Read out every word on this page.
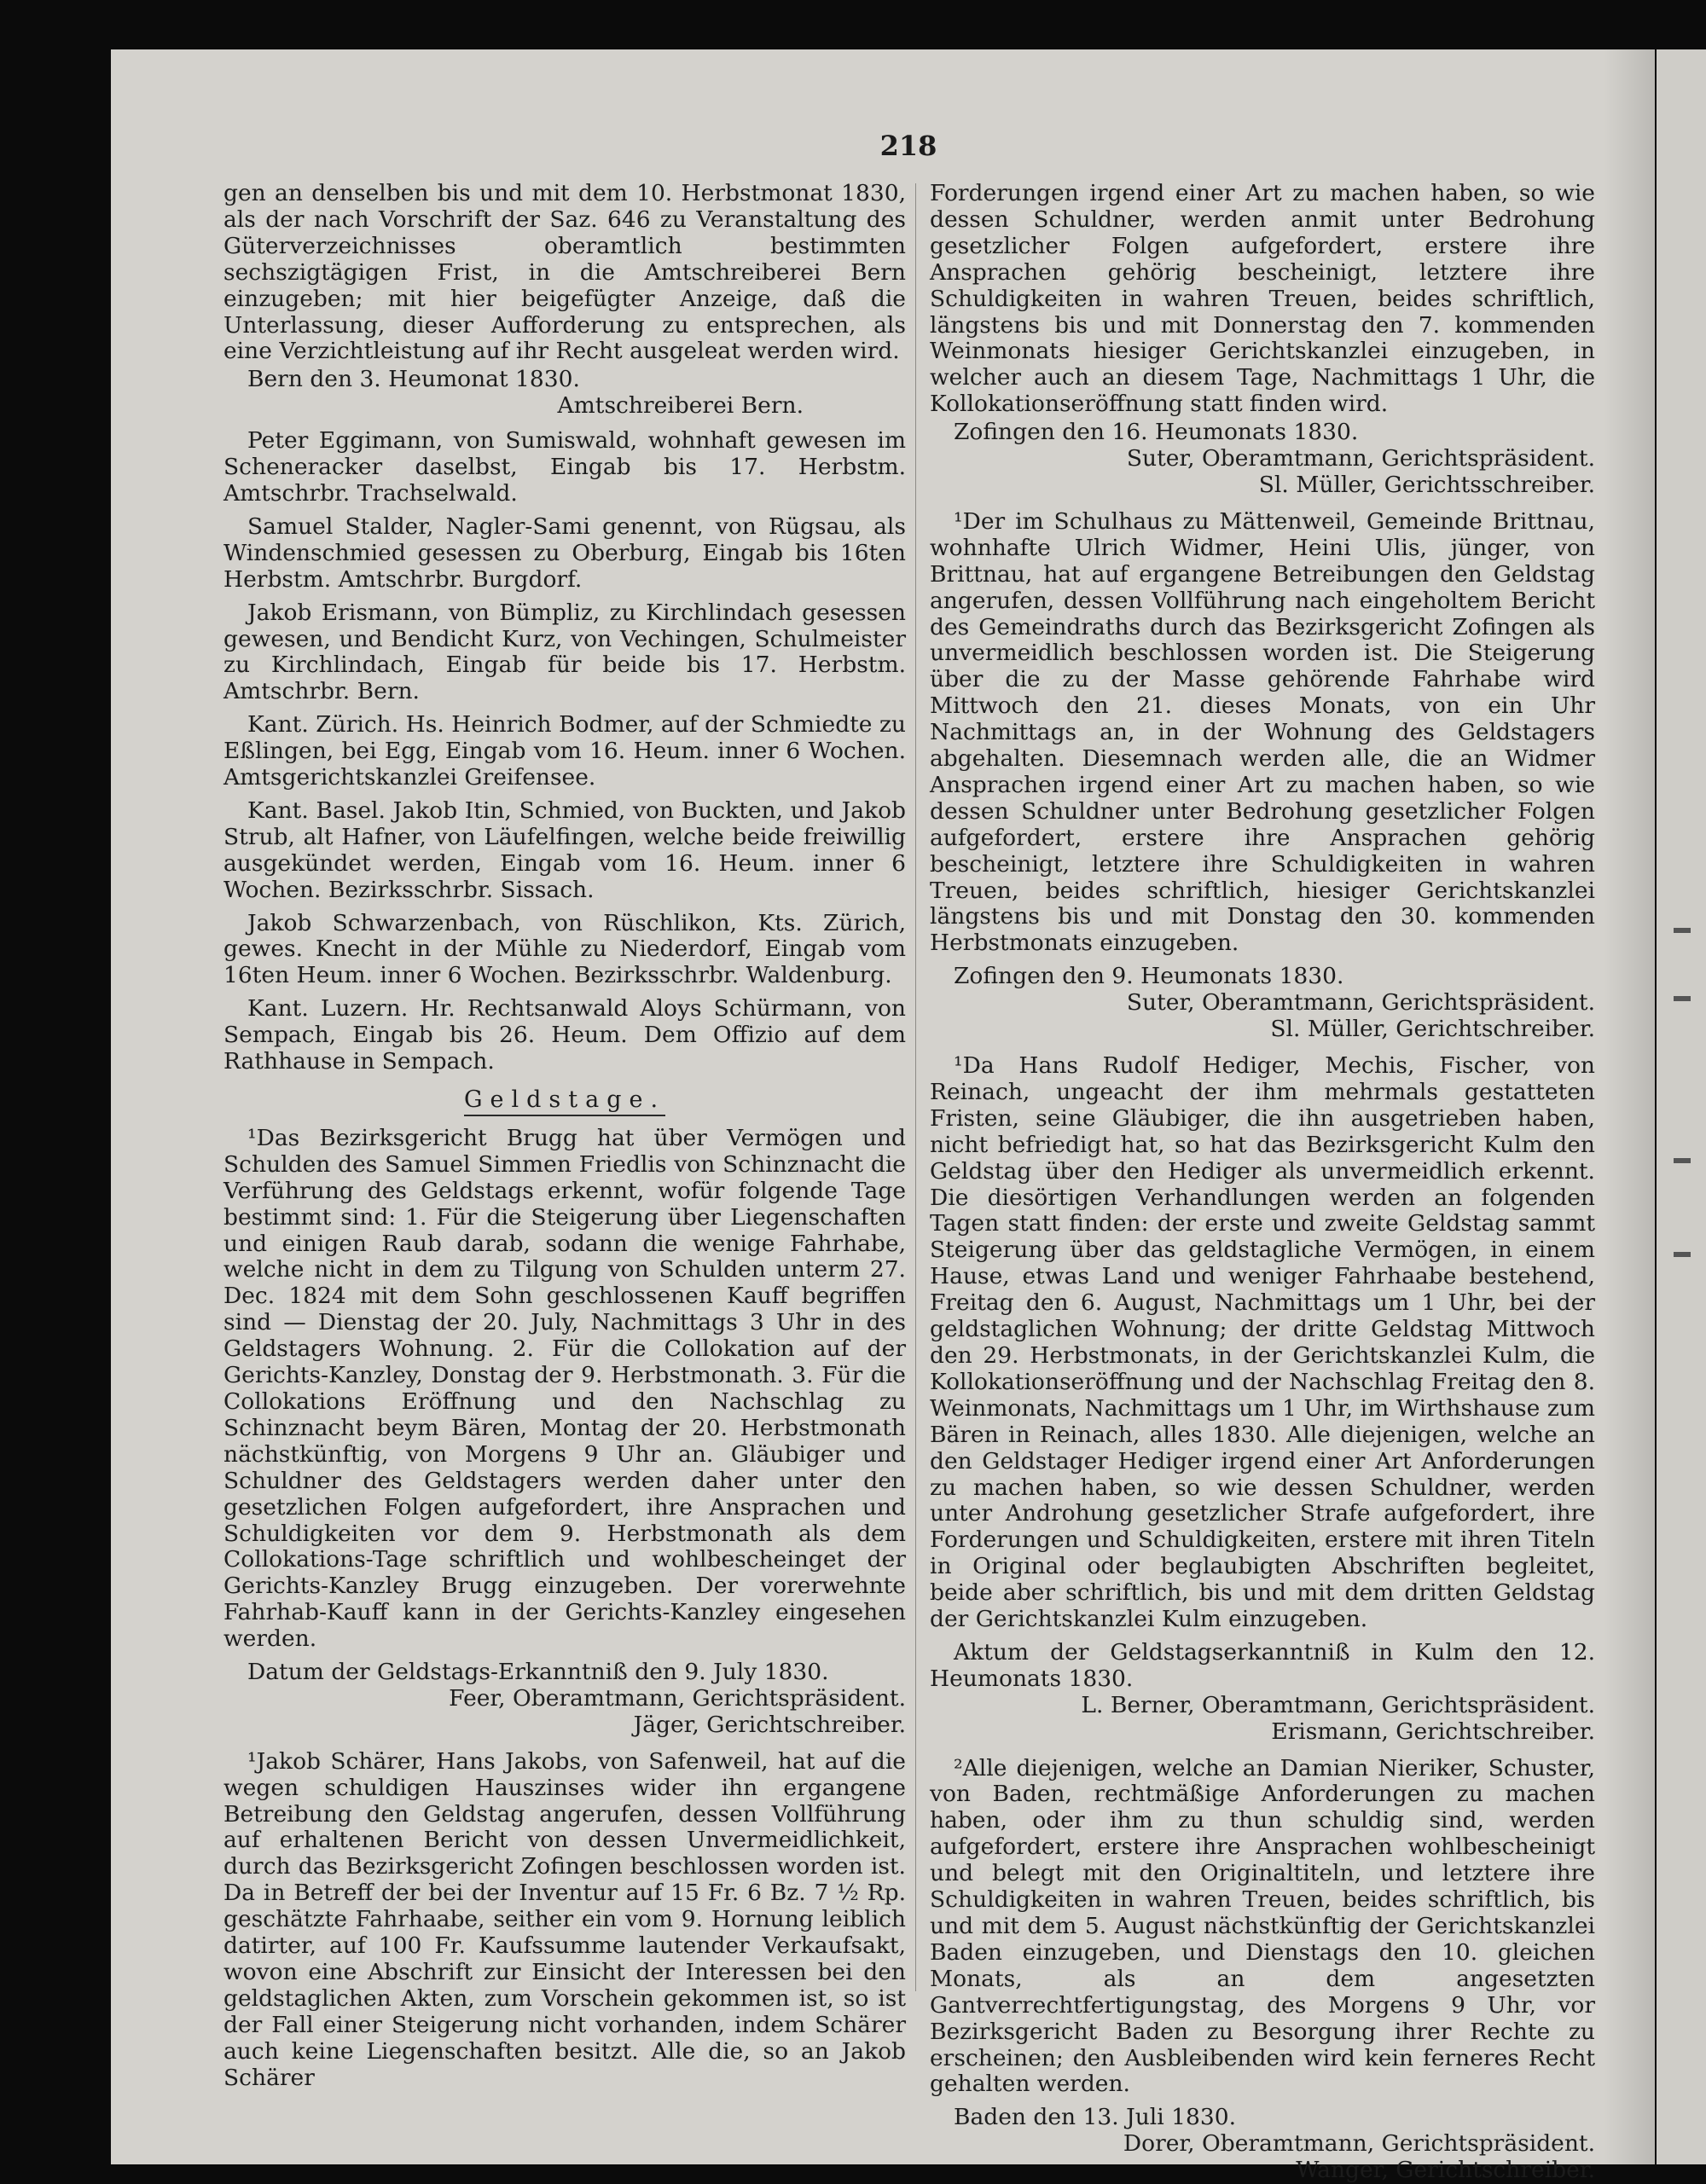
218

gen an denselben bis und mit dem 10. Herbstmonat 1830, als der nach Vorschrift der Saz. 646 zu Veranstaltung des Güterverzeichnisses oberamtlich bestimmten sechszigtägigen Frist, in die Amtschreiberei Bern einzugeben; mit hier beigefügter Anzeige, daß die Unterlassung, dieser Aufforderung zu entsprechen, als eine Verzichtleistung auf ihr Recht ausgeleat werden wird.

Bern den 3. Heumonat 1830.

Amtschreiberei Bern.

Peter Eggimann, von Sumiswald, wohnhaft gewesen im Scheneracker daselbst, Eingab bis 17. Herbstm. Amtschrbr. Trachselwald.

Samuel Stalder, Nagler-Sami genennt, von Rügsau, als Windenschmied gesessen zu Oberburg, Eingab bis 16ten Herbstm. Amtschrbr. Burgdorf.

Jakob Erismann, von Bümpliz, zu Kirchlindach gesessen gewesen, und Bendicht Kurz, von Vechingen, Schulmeister zu Kirchlindach, Eingab für beide bis 17. Herbstm. Amtschrbr. Bern.

Kant. Zürich. Hs. Heinrich Bodmer, auf der Schmiedte zu Eßlingen, bei Egg, Eingab vom 16. Heum. inner 6 Wochen. Amtsgerichtskanzlei Greifensee.

Kant. Basel. Jakob Itin, Schmied, von Buckten, und Jakob Strub, alt Hafner, von Läufelfingen, welche beide freiwillig ausgekündet werden, Eingab vom 16. Heum. inner 6 Wochen. Bezirksschrbr. Sissach.

Jakob Schwarzenbach, von Rüschlikon, Kts. Zürich, gewes. Knecht in der Mühle zu Niederdorf, Eingab vom 16ten Heum. inner 6 Wochen. Bezirksschrbr. Waldenburg.

Kant. Luzern. Hr. Rechtsanwald Aloys Schürmann, von Sempach, Eingab bis 26. Heum. Dem Offizio auf dem Rathhause in Sempach.

Geldstage.

¹Das Bezirksgericht Brugg hat über Vermögen und Schulden des Samuel Simmen Friedlis von Schinznacht die Verführung des Geldstags erkennt, wofür folgende Tage bestimmt sind: 1. Für die Steigerung über Liegenschaften und einigen Raub darab, sodann die wenige Fahrhabe, welche nicht in dem zu Tilgung von Schulden unterm 27. Dec. 1824 mit dem Sohn geschlossenen Kauff begriffen sind — Dienstag der 20. July, Nachmittags 3 Uhr in des Geldstagers Wohnung. 2. Für die Collokation auf der Gerichts-Kanzley, Donstag der 9. Herbstmonath. 3. Für die Collokations Eröffnung und den Nachschlag zu Schinznacht beym Bären, Montag der 20. Herbstmonath nächstkünftig, von Morgens 9 Uhr an. Gläubiger und Schuldner des Geldstagers werden daher unter den gesetzlichen Folgen aufgefordert, ihre Ansprachen und Schuldigkeiten vor dem 9. Herbstmonath als dem Collokations-Tage schriftlich und wohlbescheinget der Gerichts-Kanzley Brugg einzugeben. Der vorerwehnte Fahrhab-Kauff kann in der Gerichts-Kanzley eingesehen werden.

Datum der Geldstags-Erkanntniß den 9. July 1830.

Feer, Oberamtmann, Gerichtspräsident.

Jäger, Gerichtschreiber.

¹Jakob Schärer, Hans Jakobs, von Safenweil, hat auf die wegen schuldigen Hauszinses wider ihn ergangene Betreibung den Geldstag angerufen, dessen Vollführung auf erhaltenen Bericht von dessen Unvermeidlichkeit, durch das Bezirksgericht Zofingen beschlossen worden ist. Da in Betreff der bei der Inventur auf 15 Fr. 6 Bz. 7 ½ Rp. geschätzte Fahrhaabe, seither ein vom 9. Hornung leiblich datirter, auf 100 Fr. Kaufssumme lautender Verkaufsakt, wovon eine Abschrift zur Einsicht der Interessen bei den geldstaglichen Akten, zum Vorschein gekommen ist, so ist der Fall einer Steigerung nicht vorhanden, indem Schärer auch keine Liegenschaften besitzt. Alle die, so an Jakob Schärer

Forderungen irgend einer Art zu machen haben, so wie dessen Schuldner, werden anmit unter Bedrohung gesetzlicher Folgen aufgefordert, erstere ihre Ansprachen gehörig bescheinigt, letztere ihre Schuldigkeiten in wahren Treuen, beides schriftlich, längstens bis und mit Donnerstag den 7. kommenden Weinmonats hiesiger Gerichtskanzlei einzugeben, in welcher auch an diesem Tage, Nachmittags 1 Uhr, die Kollokationseröffnung statt finden wird.

Zofingen den 16. Heumonats 1830.

Suter, Oberamtmann, Gerichtspräsident.

Sl. Müller, Gerichtsschreiber.

¹Der im Schulhaus zu Mättenweil, Gemeinde Brittnau, wohnhafte Ulrich Widmer, Heini Ulis, jünger, von Brittnau, hat auf ergangene Betreibungen den Geldstag angerufen, dessen Vollführung nach eingeholtem Bericht des Gemeindraths durch das Bezirksgericht Zofingen als unvermeidlich beschlossen worden ist. Die Steigerung über die zu der Masse gehörende Fahrhabe wird Mittwoch den 21. dieses Monats, von ein Uhr Nachmittags an, in der Wohnung des Geldstagers abgehalten. Diesemnach werden alle, die an Widmer Ansprachen irgend einer Art zu machen haben, so wie dessen Schuldner unter Bedrohung gesetzlicher Folgen aufgefordert, erstere ihre Ansprachen gehörig bescheinigt, letztere ihre Schuldigkeiten in wahren Treuen, beides schriftlich, hiesiger Gerichtskanzlei längstens bis und mit Donstag den 30. kommenden Herbstmonats einzugeben.

Zofingen den 9. Heumonats 1830.

Suter, Oberamtmann, Gerichtspräsident.

Sl. Müller, Gerichtschreiber.

¹Da Hans Rudolf Hediger, Mechis, Fischer, von Reinach, ungeacht der ihm mehrmals gestatteten Fristen, seine Gläubiger, die ihn ausgetrieben haben, nicht befriedigt hat, so hat das Bezirksgericht Kulm den Geldstag über den Hediger als unvermeidlich erkennt. Die diesörtigen Verhandlungen werden an folgenden Tagen statt finden: der erste und zweite Geldstag sammt Steigerung über das geldstagliche Vermögen, in einem Hause, etwas Land und weniger Fahrhaabe bestehend, Freitag den 6. August, Nachmittags um 1 Uhr, bei der geldstaglichen Wohnung; der dritte Geldstag Mittwoch den 29. Herbstmonats, in der Gerichtskanzlei Kulm, die Kollokationseröffnung und der Nachschlag Freitag den 8. Weinmonats, Nachmittags um 1 Uhr, im Wirthshause zum Bären in Reinach, alles 1830. Alle diejenigen, welche an den Geldstager Hediger irgend einer Art Anforderungen zu machen haben, so wie dessen Schuldner, werden unter Androhung gesetzlicher Strafe aufgefordert, ihre Forderungen und Schuldigkeiten, erstere mit ihren Titeln in Original oder beglaubigten Abschriften begleitet, beide aber schriftlich, bis und mit dem dritten Geldstag der Gerichtskanzlei Kulm einzugeben.

Aktum der Geldstagserkanntniß in Kulm den 12. Heumonats 1830.

L. Berner, Oberamtmann, Gerichtspräsident.

Erismann, Gerichtschreiber.

²Alle diejenigen, welche an Damian Nieriker, Schuster, von Baden, rechtmäßige Anforderungen zu machen haben, oder ihm zu thun schuldig sind, werden aufgefordert, erstere ihre Ansprachen wohlbescheinigt und belegt mit den Originaltiteln, und letztere ihre Schuldigkeiten in wahren Treuen, beides schriftlich, bis und mit dem 5. August nächstkünftig der Gerichtskanzlei Baden einzugeben, und Dienstags den 10. gleichen Monats, als an dem angesetzten Gantverrechtfertigungstag, des Morgens 9 Uhr, vor Bezirksgericht Baden zu Besorgung ihrer Rechte zu erscheinen; den Ausbleibenden wird kein ferneres Recht gehalten werden.

Baden den 13. Juli 1830.

Dorer, Oberamtmann, Gerichtspräsident.

Wanger, Gerichtschreiber.
